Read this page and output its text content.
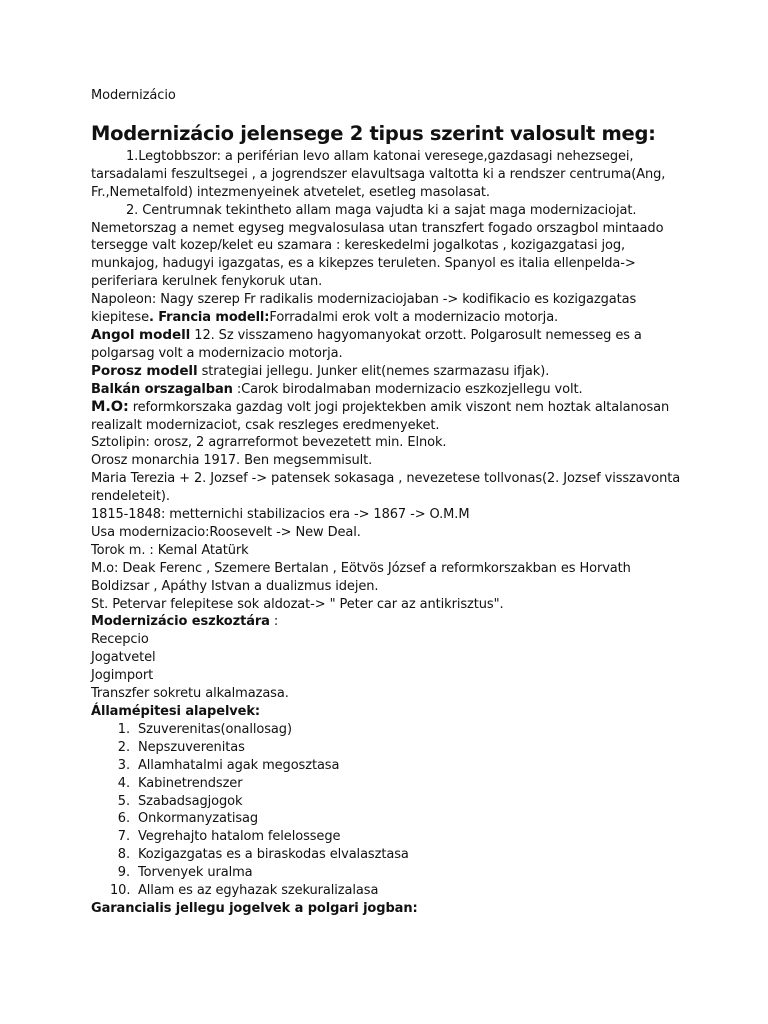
Modernizácio
Modernizácio jelensege 2 tipus szerint valosult meg:

1.Legtobbszor: a periférian levo allam katonai veresege,gazdasagi nehezsegei, tarsadalami feszultsegei , a jogrendszer elavultsaga valtotta ki a rendszer centruma(Ang, Fr.,Nemetalfold) intezmenyeinek atvetelet, esetleg masolasat.

2. Centrumnak tekintheto allam maga vajudta ki a sajat maga modernizaciojat. Nemetorszag a nemet egyseg megvalosulasa utan transzfert fogado orszagbol mintaado tersegge valt kozep/kelet eu szamara : kereskedelmi jogalkotas , kozigazgatasi jog, munkajog, hadugyi igazgatas, es a kikepzes teruleten. Spanyol es italia ellenpelda-> periferiara kerulnek fenykoruk utan.

Napoleon: Nagy szerep Fr radikalis modernizaciojaban -> kodifikacio es kozigazgatas kiepitese. Francia modell:Forradalmi erok volt a modernizacio motorja.

Angol modell 12. Sz visszameno hagyomanyokat orzott. Polgarosult nemesseg es a polgarsag volt a modernizacio motorja.

Porosz modell strategiai jellegu. Junker elit(nemes szarmazasu ifjak).

Balkán orszagalban :Carok birodalmaban modernizacio eszkozjellegu volt.

M.O: reformkorszaka gazdag volt jogi projektekben amik viszont nem hoztak altalanosan realizalt modernizaciot, csak reszleges eredmenyeket.

Sztolipin: orosz, 2 agrarreformot bevezetett min. Elnok.

Orosz monarchia 1917. Ben megsemmisult.

Maria Terezia + 2. Jozsef -> patensek sokasaga , nevezetese tollvonas(2. Jozsef visszavonta rendeleteit).

1815-1848: metternichi stabilizacios era -> 1867 -> O.M.M

Usa modernizacio:Roosevelt -> New Deal.

Torok m. : Kemal Atatürk

M.o: Deak Ferenc , Szemere Bertalan , Eötvös József a reformkorszakban es Horvath Boldizsar , Apáthy Istvan a dualizmus idejen.

St. Petervar felepitese sok aldozat-> " Peter car az antikrisztus".

Modernizácio eszkoztára :

Recepcio

Jogatvetel

Jogimport

Transzfer sokretu alkalmazasa.

Államépitesi alapelvek:

1. Szuverenitas(onallosag)
2. Nepszuverenitas
3. Allamhatalmi agak megosztasa
4. Kabinetrendszer
5. Szabadsagjogok
6. Onkormanyzatisag
7. Vegrehajto hatalom felelossege
8. Kozigazgatas es a biraskodas elvalasztasa
9. Torvenyek uralma
10. Allam es az egyhazak szekuralizalasa

Garancialis jellegu jogelvek a polgari jogban:
